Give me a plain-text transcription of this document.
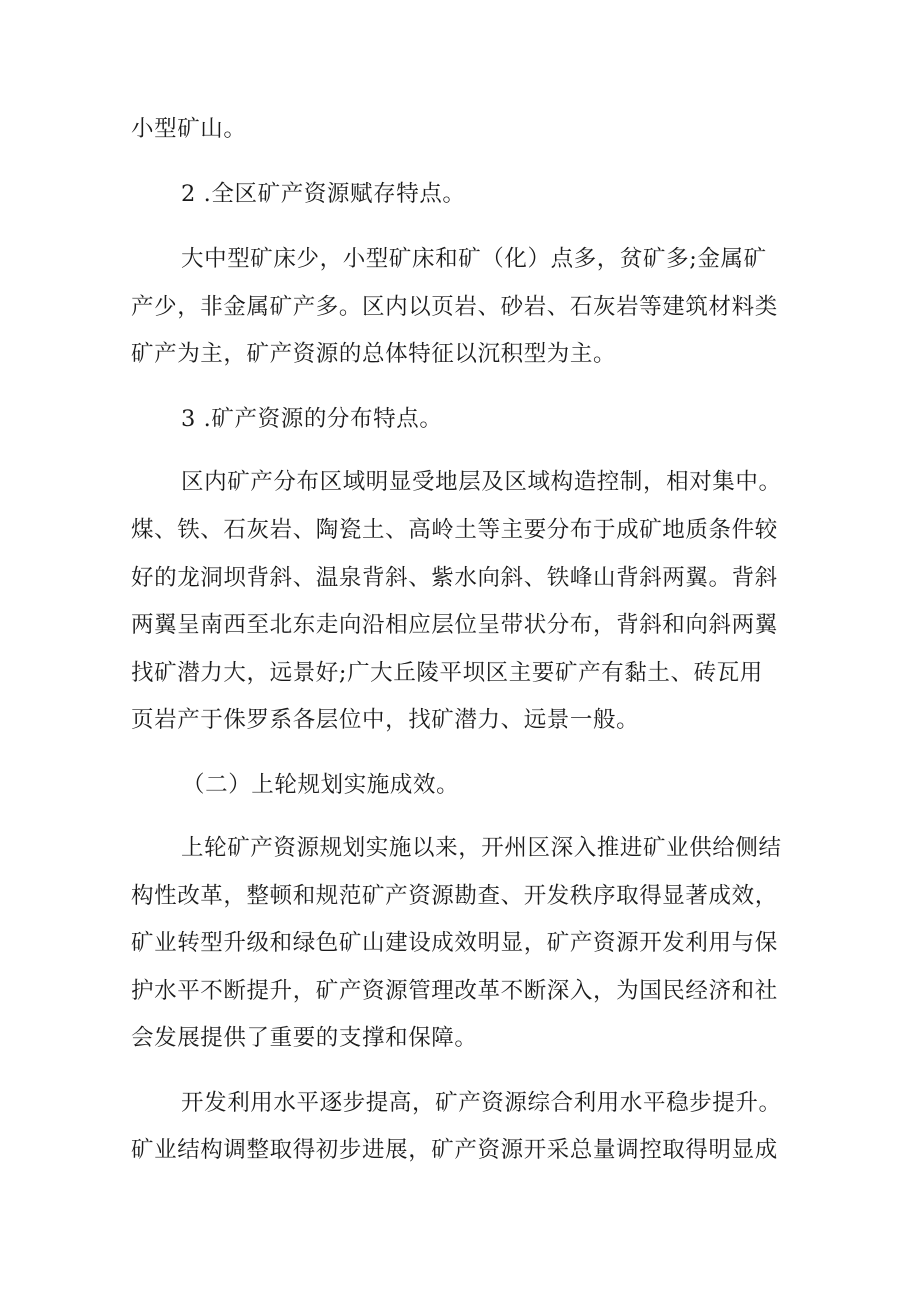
小型矿山。
2 .全区矿产资源赋存特点。
大中型矿床少，小型矿床和矿（化）点多，贫矿多;金属矿
产少，非金属矿产多。区内以页岩、砂岩、石灰岩等建筑材料类
矿产为主，矿产资源的总体特征以沉积型为主。
3 .矿产资源的分布特点。
区内矿产分布区域明显受地层及区域构造控制，相对集中。
煤、铁、石灰岩、陶瓷土、高岭土等主要分布于成矿地质条件较
好的龙洞坝背斜、温泉背斜、紫水向斜、铁峰山背斜两翼。背斜
两翼呈南西至北东走向沿相应层位呈带状分布，背斜和向斜两翼
找矿潜力大，远景好;广大丘陵平坝区主要矿产有黏土、砖瓦用
页岩产于侏罗系各层位中，找矿潜力、远景一般。
（二）上轮规划实施成效。
上轮矿产资源规划实施以来，开州区深入推进矿业供给侧结
构性改革，整顿和规范矿产资源勘查、开发秩序取得显著成效，
矿业转型升级和绿色矿山建设成效明显，矿产资源开发利用与保
护水平不断提升，矿产资源管理改革不断深入，为国民经济和社
会发展提供了重要的支撑和保障。
开发利用水平逐步提高，矿产资源综合利用水平稳步提升。
矿业结构调整取得初步进展，矿产资源开采总量调控取得明显成
